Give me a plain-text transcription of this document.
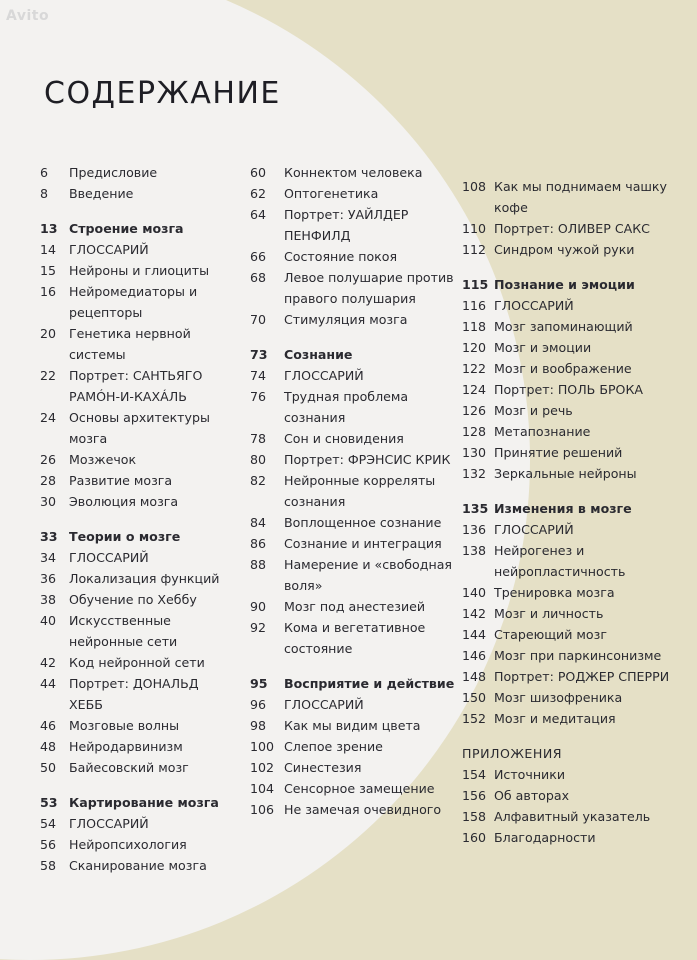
Avito
СОДЕРЖАНИЕ
6	Предисловие
8	Введение
13 Строение мозга
14	ГЛОССАРИЙ
15	Нейроны и глиоциты
16	Нейромедиаторы и рецепторы
20	Генетика нервной системы
22	Портрет: САНТЬЯГО РАМÓН-И-КАХÁЛЬ
24	Основы архитектуры мозга
26	Мозжечок
28	Развитие мозга
30	Эволюция мозга
33 Теории о мозге
34	ГЛОССАРИЙ
36	Локализация функций
38	Обучение по Хеббу
40	Искусственные нейронные сети
42	Код нейронной сети
44	Портрет: ДОНАЛЬД ХЕББ
46	Мозговые волны
48	Нейродарвинизм
50	Байесовский мозг
53 Картирование мозга
54	ГЛОССАРИЙ
56	Нейропсихология
58	Сканирование мозга
60	Коннектом человека
62	Оптогенетика
64	Портрет: УАЙЛДЕР ПЕНФИЛД
66	Состояние покоя
68	Левое полушарие против правого полушария
70	Стимуляция мозга
73	Сознание
74	ГЛОССАРИЙ
76	Трудная проблема сознания
78	Сон и сновидения
80	Портрет: ФРЭНСИС КРИК
82	Нейронные корреляты сознания
84	Воплощенное сознание
86	Сознание и интеграция
88	Намерение и «свободная воля»
90	Мозг под анестезией
92	Кома и вегетативное состояние
95	Восприятие и действие
96	ГЛОССАРИЙ
98	Как мы видим цвета
100 Слепое зрение
102 Синестезия
104 Сенсорное замещение
106 Не замечая очевидного
108 Как мы поднимаем чашку кофе
110 Портрет: ОЛИВЕР САКС
112 Синдром чужой руки
115 Познание и эмоции
116 ГЛОССАРИЙ
118 Мозг запоминающий
120 Мозг и эмоции
122 Мозг и воображение
124 Портрет: ПОЛЬ БРОКА
126 Мозг и речь
128 Метапознание
130 Принятие решений
132 Зеркальные нейроны
135 Изменения в мозге
136 ГЛОССАРИЙ
138 Нейрогенез и нейропластичность
140 Тренировка мозга
142 Мозг и личность
144 Стареющий мозг
146 Мозг при паркинсонизме
148 Портрет: РОДЖЕР СПЕРРИ
150 Мозг шизофреника
152 Мозг и медитация
ПРИЛОЖЕНИЯ
154 Источники
156 Об авторах
158 Алфавитный указатель
160 Благодарности
